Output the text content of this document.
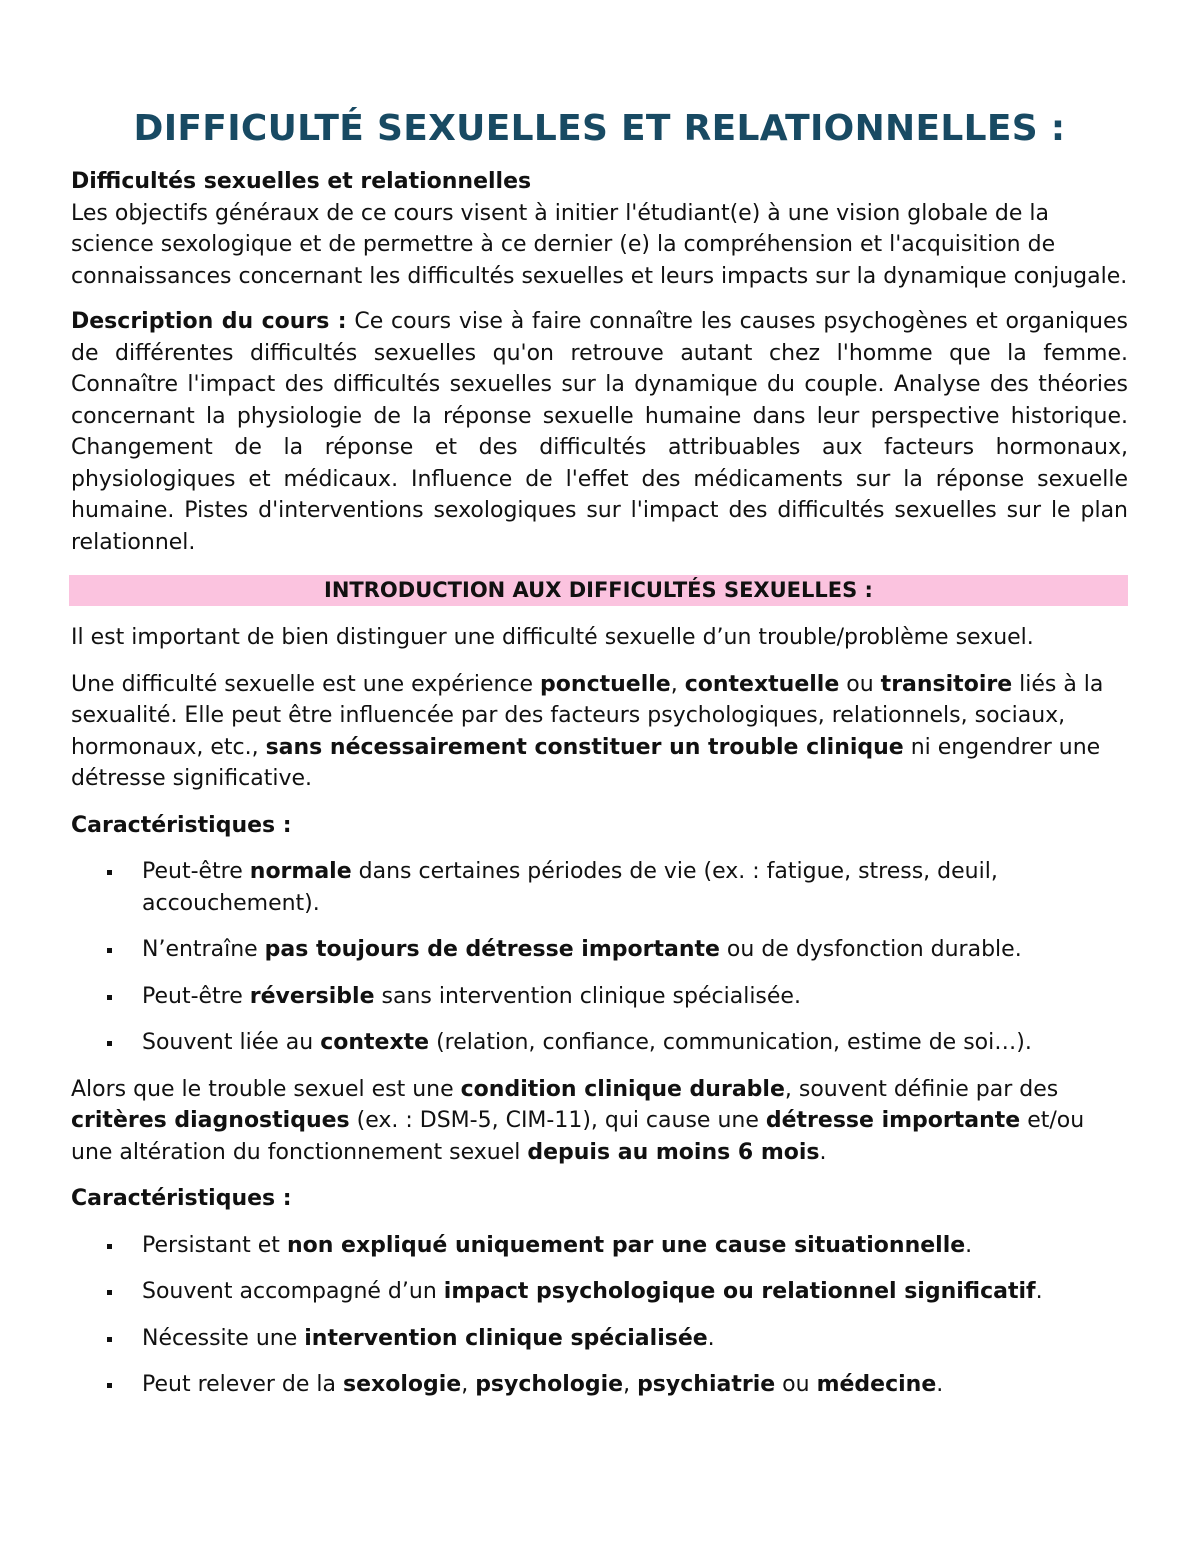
DIFFICULTÉ SEXUELLES ET RELATIONNELLES :

Difficultés sexuelles et relationnelles

Les objectifs généraux de ce cours visent à initier l'étudiant(e) à une vision globale de la science sexologique et de permettre à ce dernier (e) la compréhension et l'acquisition de connaissances concernant les difficultés sexuelles et leurs impacts sur la dynamique conjugale.

Description du cours : Ce cours vise à faire connaître les causes psychogènes et organiques de différentes difficultés sexuelles qu'on retrouve autant chez l'homme que la femme. Connaître l'impact des difficultés sexuelles sur la dynamique du couple. Analyse des théories concernant la physiologie de la réponse sexuelle humaine dans leur perspective historique. Changement de la réponse et des difficultés attribuables aux facteurs hormonaux, physiologiques et médicaux. Influence de l'effet des médicaments sur la réponse sexuelle humaine. Pistes d'interventions sexologiques sur l'impact des difficultés sexuelles sur le plan relationnel.

INTRODUCTION AUX DIFFICULTÉS SEXUELLES :

Il est important de bien distinguer une difficulté sexuelle d’un trouble/problème sexuel.

Une difficulté sexuelle est une expérience ponctuelle, contextuelle ou transitoire liés à la sexualité. Elle peut être influencée par des facteurs psychologiques, relationnels, sociaux, hormonaux, etc., sans nécessairement constituer un trouble clinique ni engendrer une détresse significative.

Caractéristiques :

Peut-être normale dans certaines périodes de vie (ex. : fatigue, stress, deuil, accouchement).
N’entraîne pas toujours de détresse importante ou de dysfonction durable.
Peut-être réversible sans intervention clinique spécialisée.
Souvent liée au contexte (relation, confiance, communication, estime de soi…).

Alors que le trouble sexuel est une condition clinique durable, souvent définie par des critères diagnostiques (ex. : DSM-5, CIM-11), qui cause une détresse importante et/ou une altération du fonctionnement sexuel depuis au moins 6 mois.

Caractéristiques :

Persistant et non expliqué uniquement par une cause situationnelle.
Souvent accompagné d’un impact psychologique ou relationnel significatif.
Nécessite une intervention clinique spécialisée.
Peut relever de la sexologie, psychologie, psychiatrie ou médecine.
